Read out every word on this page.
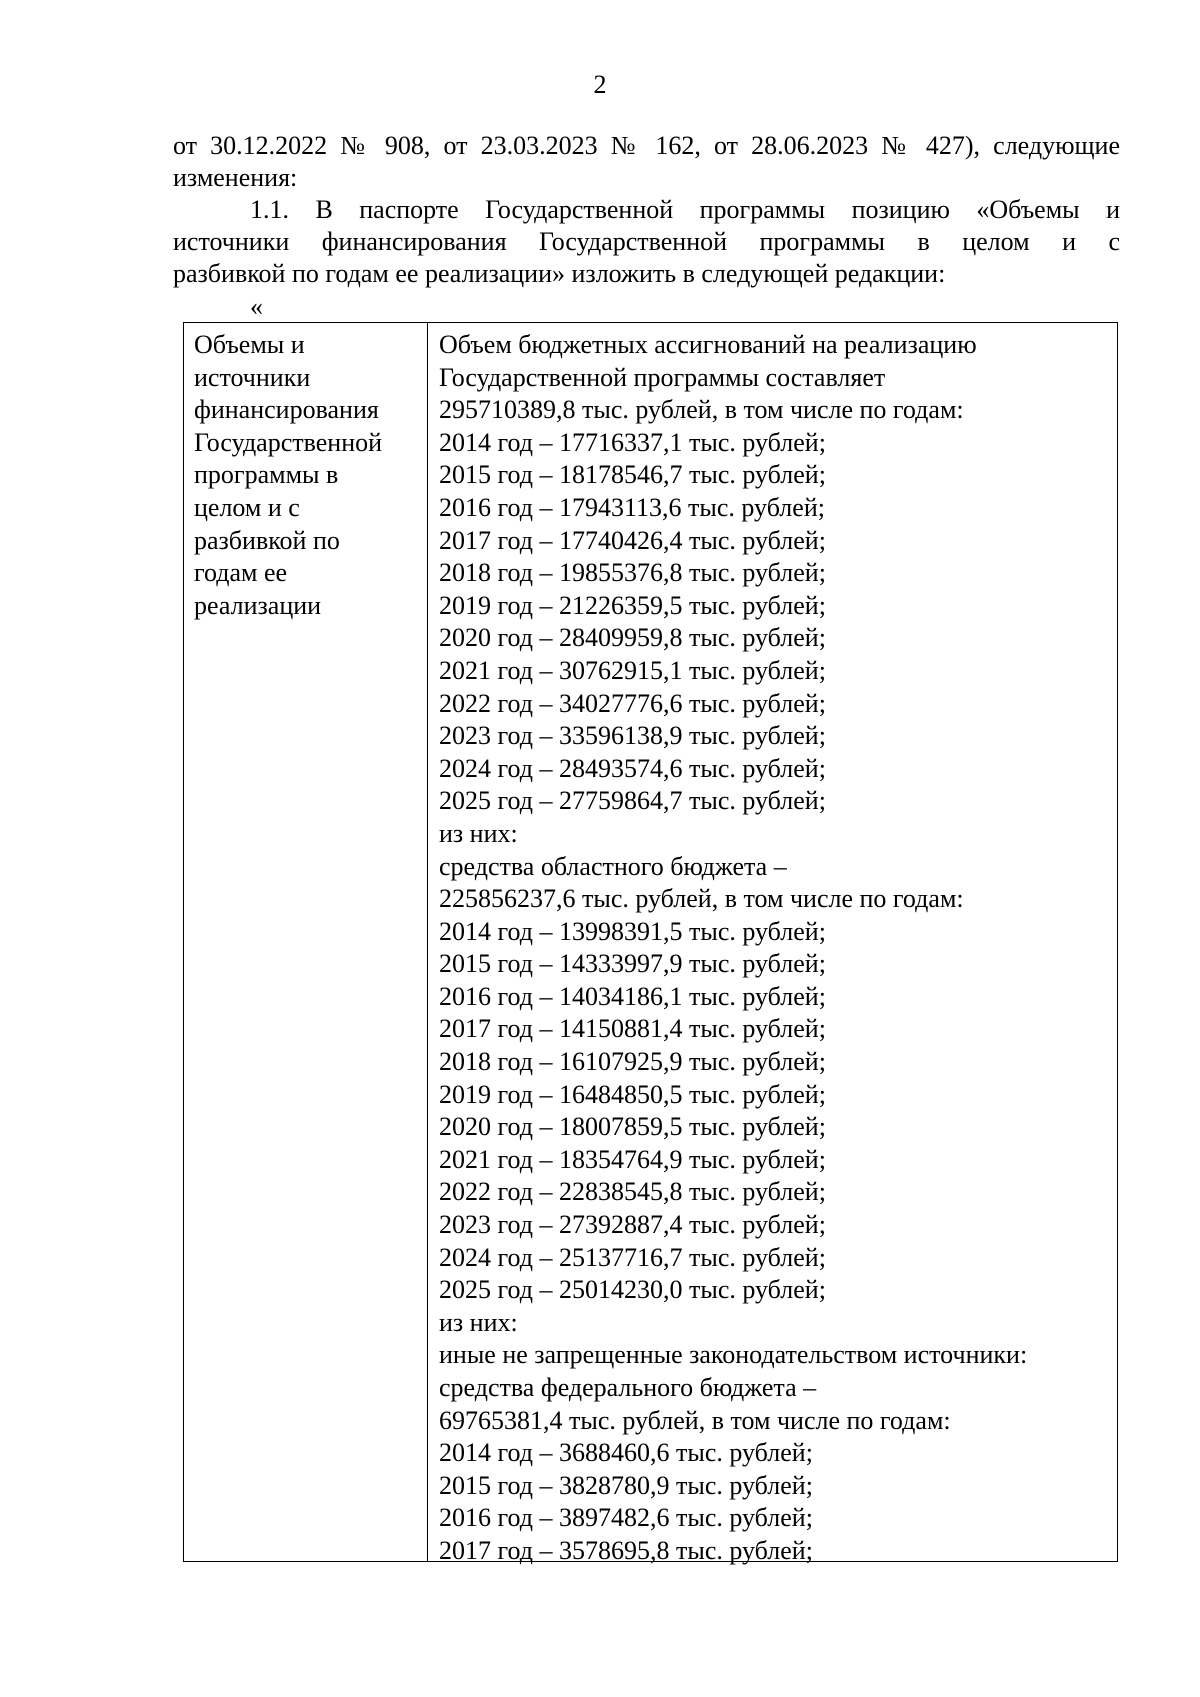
2
от 30.12.2022 № 908, от 23.03.2023 № 162, от 28.06.2023 № 427), следующие
изменения:
1.1. В паспорте Государственной программы позицию «Объемы и
источники финансирования Государственной программы в целом и с
разбивкой по годам ее реализации» изложить в следующей редакции:
«
Объемы и
источники
финансирования
Государственной
программы в
целом и с
разбивкой по
годам ее
реализации
Объем бюджетных ассигнований на реализацию
Государственной программы составляет
295710389,8 тыс. рублей, в том числе по годам:
2014 год – 17716337,1 тыс. рублей;
2015 год – 18178546,7 тыс. рублей;
2016 год – 17943113,6 тыс. рублей;
2017 год – 17740426,4 тыс. рублей;
2018 год – 19855376,8 тыс. рублей;
2019 год – 21226359,5 тыс. рублей;
2020 год – 28409959,8 тыс. рублей;
2021 год – 30762915,1 тыс. рублей;
2022 год – 34027776,6 тыс. рублей;
2023 год – 33596138,9 тыс. рублей;
2024 год – 28493574,6 тыс. рублей;
2025 год – 27759864,7 тыс. рублей;
из них:
средства областного бюджета –
225856237,6 тыс. рублей, в том числе по годам:
2014 год – 13998391,5 тыс. рублей;
2015 год – 14333997,9 тыс. рублей;
2016 год – 14034186,1 тыс. рублей;
2017 год – 14150881,4 тыс. рублей;
2018 год – 16107925,9 тыс. рублей;
2019 год – 16484850,5 тыс. рублей;
2020 год – 18007859,5 тыс. рублей;
2021 год – 18354764,9 тыс. рублей;
2022 год – 22838545,8 тыс. рублей;
2023 год – 27392887,4 тыс. рублей;
2024 год – 25137716,7 тыс. рублей;
2025 год – 25014230,0 тыс. рублей;
из них:
иные не запрещенные законодательством источники:
средства федерального бюджета –
69765381,4 тыс. рублей, в том числе по годам:
2014 год – 3688460,6 тыс. рублей;
2015 год – 3828780,9 тыс. рублей;
2016 год – 3897482,6 тыс. рублей;
2017 год – 3578695,8 тыс. рублей;
